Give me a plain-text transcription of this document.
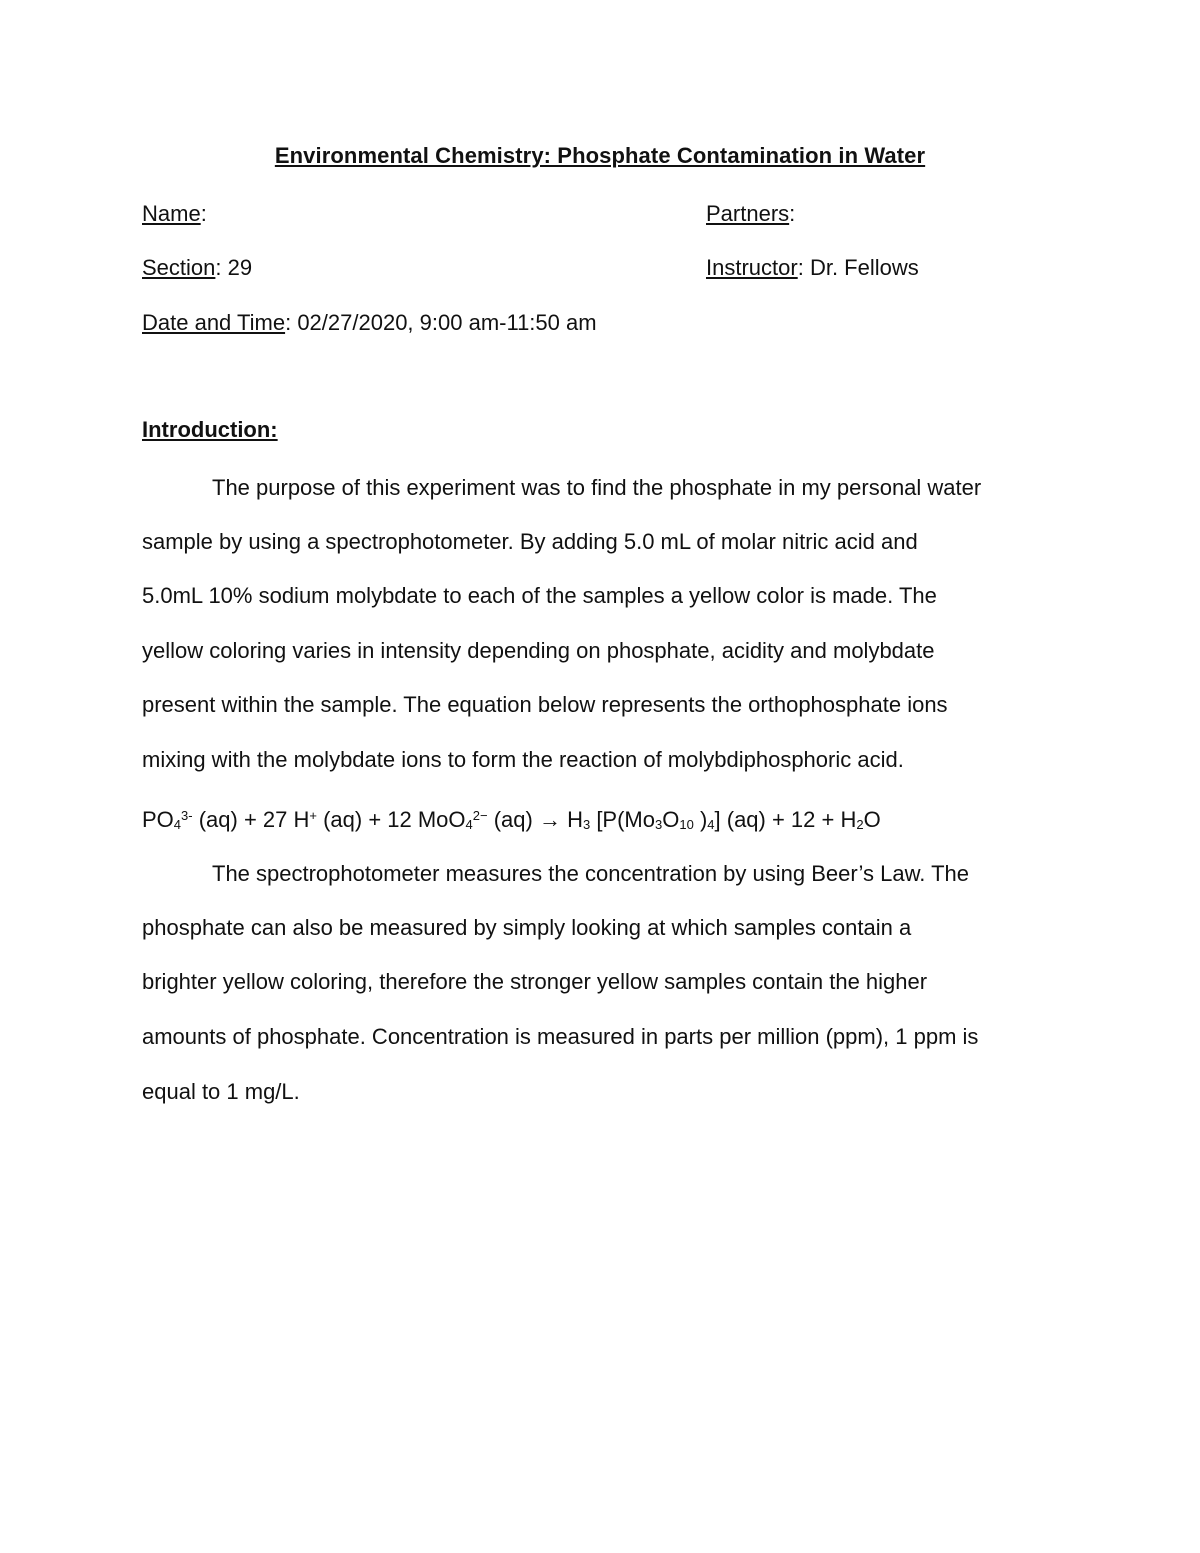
Environmental Chemistry: Phosphate Contamination in Water
Name:	Partners:
Section: 29	Instructor: Dr. Fellows
Date and Time: 02/27/2020, 9:00 am-11:50 am
Introduction:
The purpose of this experiment was to find the phosphate in my personal water
sample by using a spectrophotometer. By adding 5.0 mL of molar nitric acid and
5.0mL 10% sodium molybdate to each of the samples a yellow color is made. The
yellow coloring varies in intensity depending on phosphate, acidity and molybdate
present within the sample. The equation below represents the orthophosphate ions
mixing with the molybdate ions to form the reaction of molybdiphosphoric acid.
$PO_4^{3-}$ (aq) + 27 H+ (aq) + 12 MoO$_4^{2-}$ $(aq) \to H_3$ [$P(Mo_3O_{10}$ )$_4$] $(aq) + 12 + H_2O$
The spectrophotometer measures the concentration by using Beer’s Law. The
phosphate can also be measured by simply looking at which samples contain a
brighter yellow coloring, therefore the stronger yellow samples contain the higher
amounts of phosphate. Concentration is measured in parts per million (ppm), 1 ppm is
equal to 1 mg/L.
